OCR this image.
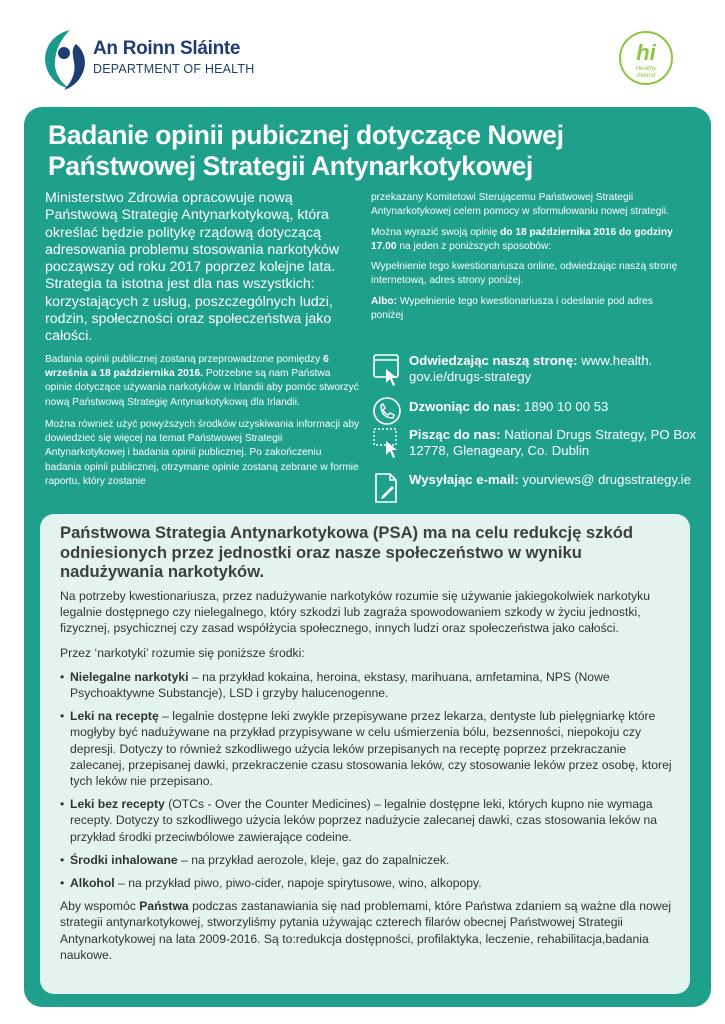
An Roinn Sláinte
DEPARTMENT OF HEALTH
hi
Healthy
Ireland
Badanie opinii pubicznej dotyczące Nowej Państwowej Strategii Antynarkotykowej

Ministerstwo Zdrowia opracowuje nową Państwową Strategię Antynarkotykową, która określać będzie politykę rządową dotyczącą adresowania problemu stosowania narkotyków począwszy od roku 2017 poprzez kolejne lata. Strategia ta istotna jest dla nas wszystkich: korzystających z usług, poszczególnych ludzi, rodzin, społeczności oraz społeczeństwa jako całości.

Badania opinii publicznej zostaną przeprowadzone pomiędzy 6 września a 18 października 2016. Potrzebne są nam Państwa opinie dotyczące używania narkotyków w Irlandii aby pomóc stworzyć nową Państwową Strategię Antynarkotykową dla Irlandii.

Można również użyć powyższych środków uzyskiwania informacji aby dowiedzieć się więcej na temat Państwowej Strategii Antynarkotykowej i badania opinii publicznej. Po zakończeniu badania opinii publicznej, otrzymane opinie zostaną zebrane w formie raportu, który zostanie

przekazany Komitetowi Sterującemu Państwowej Strategii Antynarkotykowej celem pomocy w sformułowaniu nowej strategii.

Można wyrazić swoją opinię do 18 października 2016 do godziny 17.00 na jeden z poniższych sposobów:

Wypełnienie tego kwestionariusza online, odwiedzając naszą stronę internetową, adres strony poniżej.

Albo: Wypełnienie tego kwestionariusza i odeslanie pod adres poniżej

Odwiedzając naszą stronę: www.health. gov.ie/drugs-strategy
Dzwoniąc do nas: 1890 10 00 53
Pisząc do nas: National Drugs Strategy, PO Box 12778, Glenageary, Co. Dublin
Wysyłając e-mail: yourviews@ drugsstrategy.ie
Państwowa Strategia Antynarkotykowa (PSA) ma na celu redukcję szkód odniesionych przez jednostki oraz nasze społeczeństwo w wyniku nadużywania narkotyków.

Na potrzeby kwestionariusza, przez nadużywanie narkotyków rozumie się używanie jakiegokolwiek narkotyku legalnie dostępnego czy nielegalnego, który szkodzi lub zagraża spowodowaniem szkody w życiu jednostki, fizycznej, psychicznej czy zasad współżycia społecznego, innych ludzi oraz społeczeństwa jako całości.

Przez ‘narkotyki’ rozumie się poniższe środki:

• Nielegalne narkotyki – na przykład kokaina, heroina, ekstasy, marihuana, amfetamina, NPS (Nowe Psychoaktywne Substancje), LSD i grzyby halucenogenne.
• Leki na receptę – legalnie dostępne leki zwykle przepisywane przez lekarza, dentyste lub pielęgniarkę które mogłyby być nadużywane na przykład przypisywane w celu uśmierzenia bólu, bezsenności, niepokoju czy depresji. Dotyczy to również szkodliwego użycia leków przepisanych na receptę poprzez przekraczanie zalecanej, przepisanej dawki, przekraczenie czasu stosowania leków, czy stosowanie leków przez osobę, ktorej tych leków nie przepisano.
• Leki bez recepty (OTCs - Over the Counter Medicines) – legalnie dostępne leki, których kupno nie wymaga recepty. Dotyczy to szkodliwego użycia leków poprzez nadużycie zalecanej dawki, czas stosowania leków na przykład środki przeciwbólowe zawierające codeine.
• Środki inhalowane – na przykład aerozole, kleje, gaz do zapalniczek.
• Alkohol – na przykład piwo, piwo-cider, napoje spirytusowe, wino, alkopopy.

Aby wspomóc Państwa podczas zastanawiania się nad problemami, które Państwa zdaniem są ważne dla nowej strategii antynarkotykowej, stworzyliśmy pytania używając czterech filarów obecnej Państwowej Strategii Antynarkotykowej na lata 2009-2016. Są to:redukcja dostępności, profilaktyka, leczenie, rehabilitacja,badania naukowe.
